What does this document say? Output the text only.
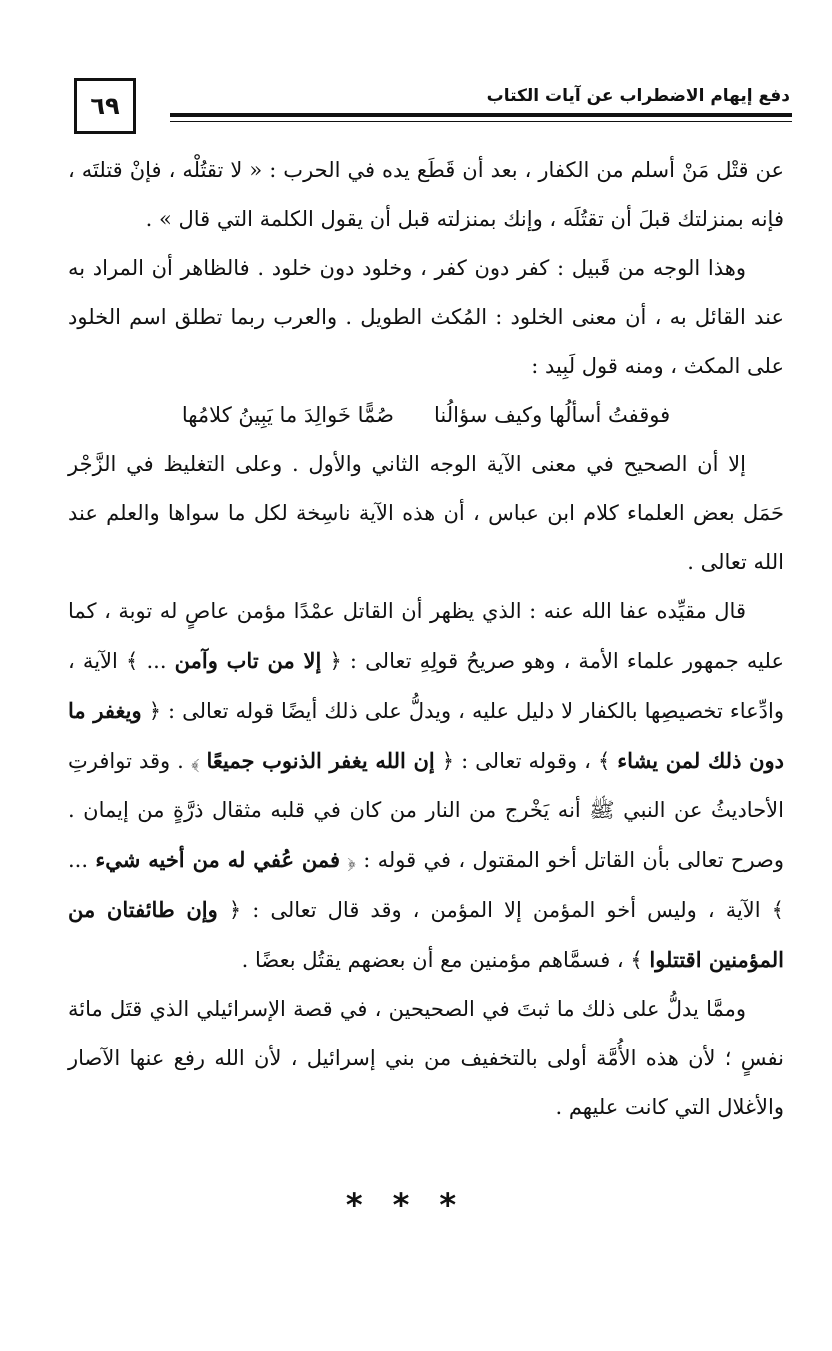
٦٩	دفع إيهام الاضطراب عن آيات الكتاب

عن قتْل مَنْ أسلم من الكفار ، بعد أن قَطَع يده في الحرب : « لا تقتُلْه ، فإنْ قتلتَه ، فإنه بمنزلتك قبلَ أن تقتُلَه ، وإنك بمنزلته قبل أن يقول الكلمة التي قال » .

وهذا الوجه من قَبيل : كفر دون كفر ، وخلود دون خلود . فالظاهر أن المراد به عند القائل به ، أن معنى الخلود : المُكث الطويل . والعرب ربما تطلق اسم الخلود على المكث ، ومنه قول لَبِيد :

فوقفتُ أسألُها وكيف سؤالُناصُمًّا خَوالِدَ ما يَبِينُ كلامُها

إلا أن الصحيح في معنى الآية الوجه الثاني والأول . وعلى التغليظ في الزَّجْر حَمَل بعض العلماء كلام ابن عباس ، أن هذه الآية ناسِخة لكل ما سواها والعلم عند الله تعالى .

قال مقيِّده عفا الله عنه : الذي يظهر أن القاتل عمْدًا مؤمن عاصٍ له توبة ، كما عليه جمهور علماء الأمة ، وهو صريحُ قولِهِ تعالى : ﴿ إلا من تاب وآمن ... ﴾ الآية ، وادِّعاء تخصيصِها بالكفار لا دليل عليه ، ويدلُّ على ذلك أيضًا قوله تعالى : ﴿ ويغفر ما دون ذلك لمن يشاء ﴾ ، وقوله تعالى : ﴿ إن الله يغفر الذنوب جميعًا ﴾ . وقد توافرتِ الأحاديثُ عن النبي ﷺ أنه يَخْرج من النار من كان في قلبه مثقال ذرَّةٍ من إيمان . وصرح تعالى بأن القاتل أخو المقتول ، في قوله : ﴿ فمن عُفي له من أخيه شيء ... ﴾ الآية ، وليس أخو المؤمن إلا المؤمن ، وقد قال تعالى : ﴿ وإن طائفتان من المؤمنين اقتتلوا ﴾ ، فسمَّاهم مؤمنين مع أن بعضهم يقتُل بعضًا .

وممَّا يدلُّ على ذلك ما ثبتَ في الصحيحين ، في قصة الإسرائيلي الذي قتَل مائة نفسٍ ؛ لأن هذه الأُمَّة أولى بالتخفيف من بني إسرائيل ، لأن الله رفع عنها الآصار والأغلال التي كانت عليهم .

***
